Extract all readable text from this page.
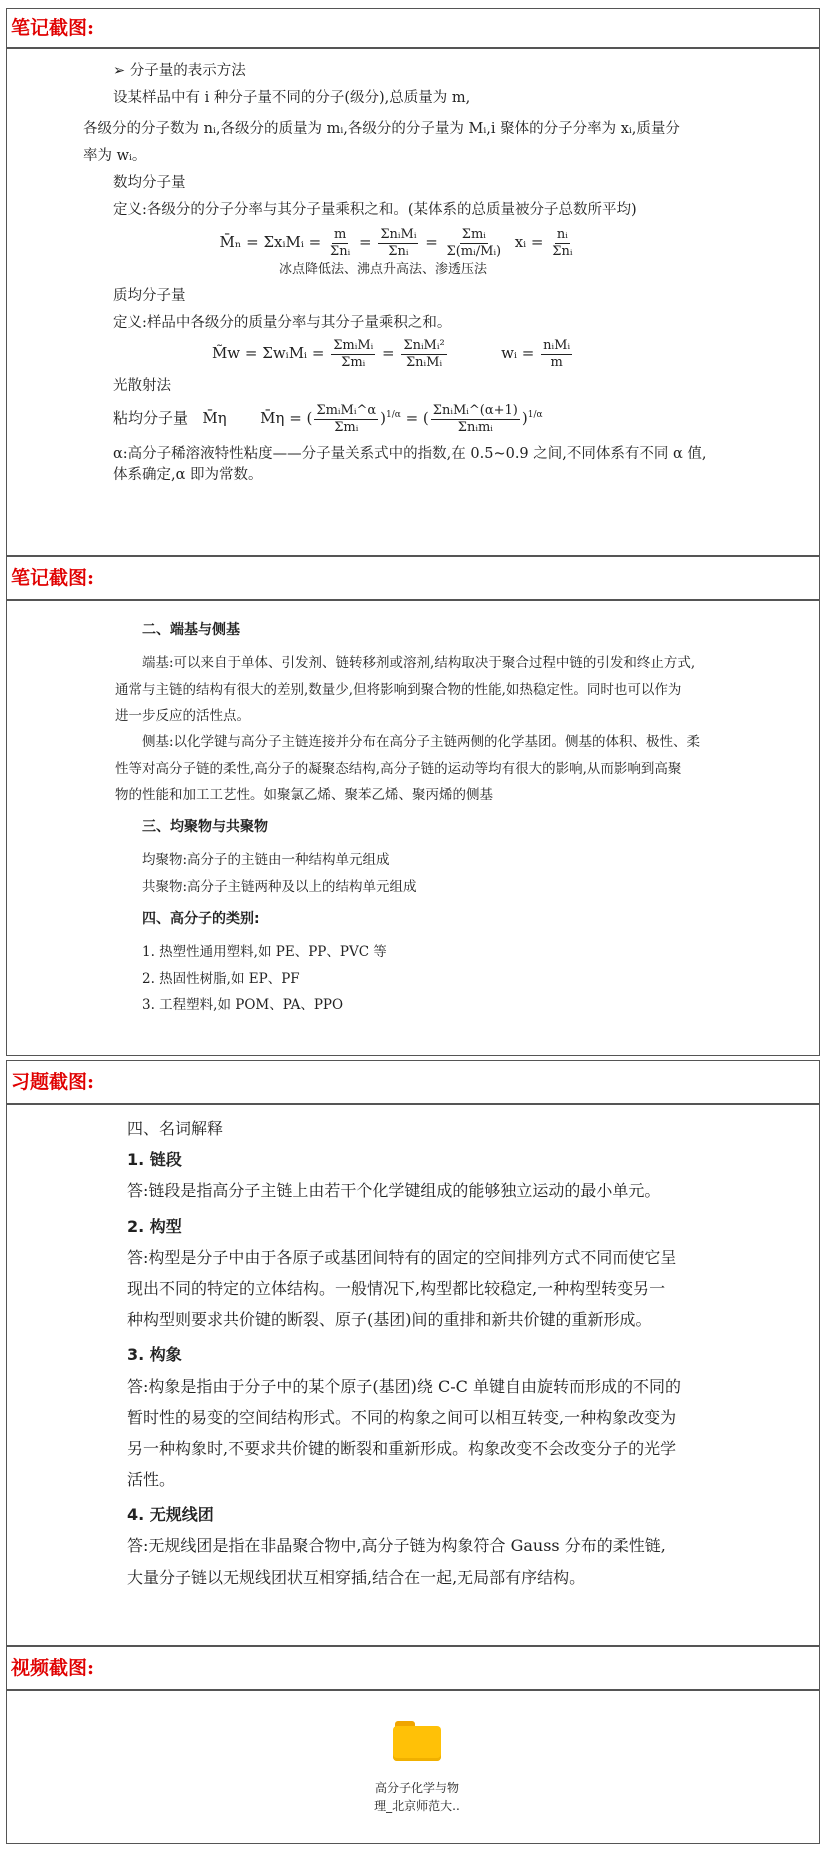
笔记截图:

➢ 分子量的表示方法

设某样品中有 i 种分子量不同的分子(级分),总质量为 m,

各级分的分子数为 nᵢ,各级分的质量为 mᵢ,各级分的分子量为 Mᵢ,i 聚体的分子分率为 xᵢ,质量分

率为 wᵢ。

数均分子量

定义:各级分的分子分率与其分子量乘积之和。(某体系的总质量被分子总数所平均)

M̄ₙ = ΣxᵢMᵢ = $\frac{m}{\text{Σnᵢ}} = \frac{\text{ΣnᵢMᵢ}}{\text{Σnᵢ}} = \frac{\text{Σmᵢ}}{\text{Σ(mᵢ/Mᵢ)}}$ xᵢ = $\frac{\text{nᵢ}}{\text{Σnᵢ}}$

冰点降低法、沸点升高法、渗透压法

质均分子量

定义:样品中各级分的质量分率与其分子量乘积之和。

M̃w = ΣwᵢMᵢ = $\frac{\text{ΣmᵢMᵢ}}{\text{Σmᵢ}} = \frac{\text{ΣnᵢMᵢ²}}{\text{ΣnᵢMᵢ}}$	wᵢ = $\frac{\text{nᵢMᵢ}}{m}$

光散射法

粘均分子量 M̄η M̄η = ( $\frac{\text{ΣmᵢMᵢ\textasciicircum{}α}}{\text{Σmᵢ}} )^{1/\alpha}$ = ( $\frac{\text{ΣnᵢMᵢ\textasciicircum{}(α+1)}}{\text{Σnᵢmᵢ}} )^{1/\alpha}$

α:高分子稀溶液特性粘度——分子量关系式中的指数,在 0.5~0.9 之间,不同体系有不同 α 值,

体系确定,α 即为常数。

笔记截图:

二、端基与侧基

端基:可以来自于单体、引发剂、链转移剂或溶剂,结构取决于聚合过程中链的引发和终止方式,

通常与主链的结构有很大的差别,数量少,但将影响到聚合物的性能,如热稳定性。同时也可以作为

进一步反应的活性点。

侧基:以化学键与高分子主链连接并分布在高分子主链两侧的化学基团。侧基的体积、极性、柔

性等对高分子链的柔性,高分子的凝聚态结构,高分子链的运动等均有很大的影响,从而影响到高聚

物的性能和加工工艺性。如聚氯乙烯、聚苯乙烯、聚丙烯的侧基

三、均聚物与共聚物

均聚物:高分子的主链由一种结构单元组成

共聚物:高分子主链两种及以上的结构单元组成

四、高分子的类别:

1. 热塑性通用塑料,如 PE、PP、PVC 等

2. 热固性树脂,如 EP、PF

3. 工程塑料,如 POM、PA、PPO

习题截图:

四、名词解释

1. 链段

答:链段是指高分子主链上由若干个化学键组成的能够独立运动的最小单元。

2. 构型

答:构型是分子中由于各原子或基团间特有的固定的空间排列方式不同而使它呈

现出不同的特定的立体结构。一般情况下,构型都比较稳定,一种构型转变另一

种构型则要求共价键的断裂、原子(基团)间的重排和新共价键的重新形成。

3. 构象

答:构象是指由于分子中的某个原子(基团)绕 C-C 单键自由旋转而形成的不同的

暂时性的易变的空间结构形式。不同的构象之间可以相互转变,一种构象改变为

另一种构象时,不要求共价键的断裂和重新形成。构象改变不会改变分子的光学

活性。

4. 无规线团

答:无规线团是指在非晶聚合物中,高分子链为构象符合 Gauss 分布的柔性链,

大量分子链以无规线团状互相穿插,结合在一起,无局部有序结构。

视频截图:
高分子化学与物
理_北京师范大..
